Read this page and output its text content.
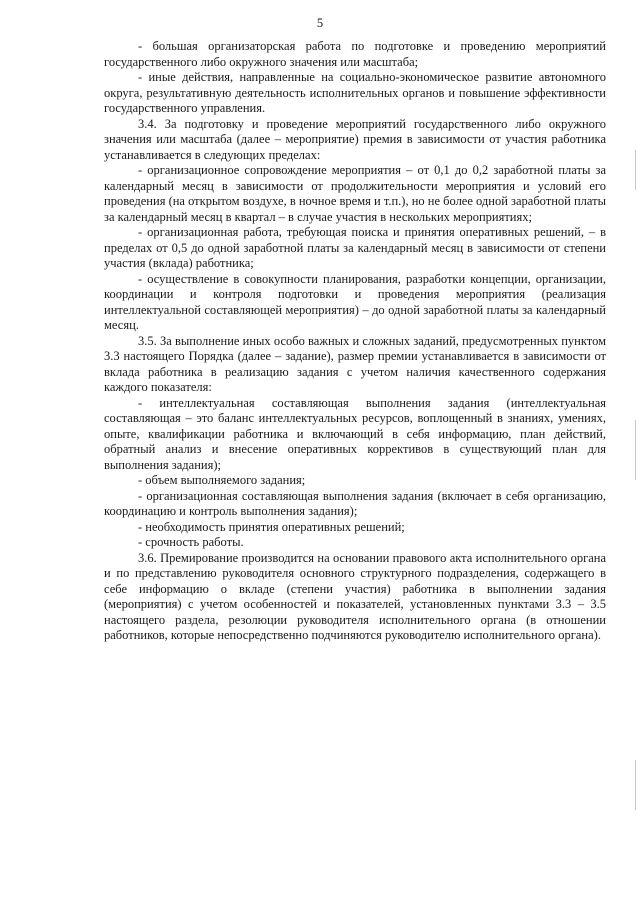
5

- большая организаторская работа по подготовке и проведению мероприятий государственного либо окружного значения или масштаба;

- иные действия, направленные на социально-экономическое развитие автономного округа, результативную деятельность исполнительных органов и повышение эффективности государственного управления.

3.4. За подготовку и проведение мероприятий государственного либо окружного значения или масштаба (далее – мероприятие) премия в зависимости от участия работника устанавливается в следующих пределах:

- организационное сопровождение мероприятия – от 0,1 до 0,2 заработной платы за календарный месяц в зависимости от продолжительности мероприятия и условий его проведения (на открытом воздухе, в ночное время и т.п.), но не более одной заработной платы за календарный месяц в квартал – в случае участия в нескольких мероприятиях;

- организационная работа, требующая поиска и принятия оперативных решений, – в пределах от 0,5 до одной заработной платы за календарный месяц в зависимости от степени участия (вклада) работника;

- осуществление в совокупности планирования, разработки концепции, организации, координации и контроля подготовки и проведения мероприятия (реализация интеллектуальной составляющей мероприятия) – до одной заработной платы за календарный месяц.

3.5. За выполнение иных особо важных и сложных заданий, предусмотренных пунктом 3.3 настоящего Порядка (далее – задание), размер премии устанавливается в зависимости от вклада работника в реализацию задания с учетом наличия качественного содержания каждого показателя:

- интеллектуальная составляющая выполнения задания (интеллектуальная составляющая – это баланс интеллектуальных ресурсов, воплощенный в знаниях, умениях, опыте, квалификации работника и включающий в себя информацию, план действий, обратный анализ и внесение оперативных коррективов в существующий план для выполнения задания);

- объем выполняемого задания;

- организационная составляющая выполнения задания (включает в себя организацию, координацию и контроль выполнения задания);

- необходимость принятия оперативных решений;

- срочность работы.

3.6. Премирование производится на основании правового акта исполнительного органа и по представлению руководителя основного структурного подразделения, содержащего в себе информацию о вкладе (степени участия) работника в выполнении задания (мероприятия) с учетом особенностей и показателей, установленных пунктами 3.3 – 3.5 настоящего раздела, резолюции руководителя исполнительного органа (в отношении работников, которые непосредственно подчиняются руководителю исполнительного органа).
